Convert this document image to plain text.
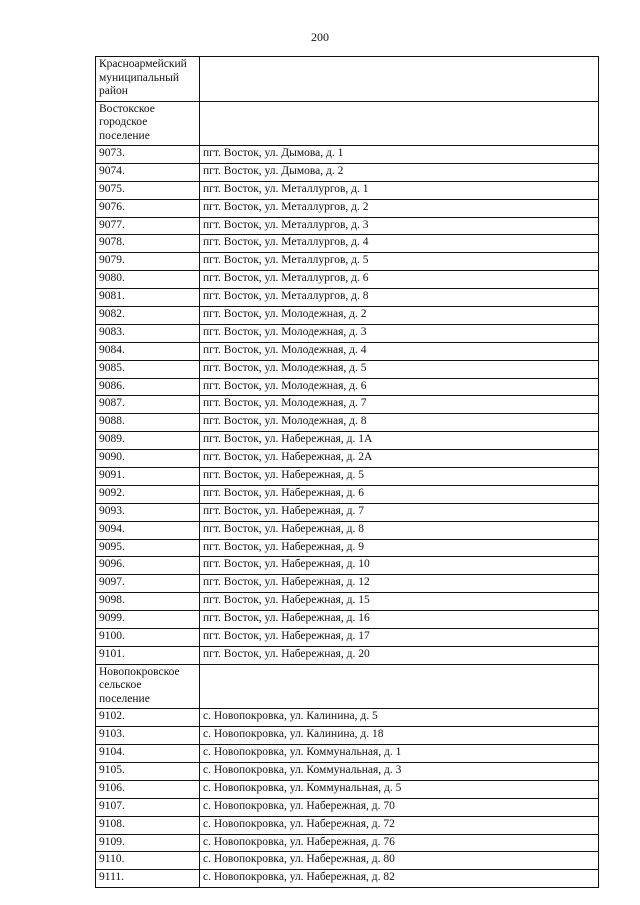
200
Красноармейский
муниципальный
район	

Востокское
городское
поселение	

9073.	пгт. Восток, ул. Дымова, д. 1
9074.	пгт. Восток, ул. Дымова, д. 2
9075.	пгт. Восток, ул. Металлургов, д. 1
9076.	пгт. Восток, ул. Металлургов, д. 2
9077.	пгт. Восток, ул. Металлургов, д. 3
9078.	пгт. Восток, ул. Металлургов, д. 4
9079.	пгт. Восток, ул. Металлургов, д. 5
9080.	пгт. Восток, ул. Металлургов, д. 6
9081.	пгт. Восток, ул. Металлургов, д. 8
9082.	пгт. Восток, ул. Молодежная, д. 2
9083.	пгт. Восток, ул. Молодежная, д. 3
9084.	пгт. Восток, ул. Молодежная, д. 4
9085.	пгт. Восток, ул. Молодежная, д. 5
9086.	пгт. Восток, ул. Молодежная, д. 6
9087.	пгт. Восток, ул. Молодежная, д. 7
9088.	пгт. Восток, ул. Молодежная, д. 8
9089.	пгт. Восток, ул. Набережная, д. 1А
9090.	пгт. Восток, ул. Набережная, д. 2А
9091.	пгт. Восток, ул. Набережная, д. 5
9092.	пгт. Восток, ул. Набережная, д. 6
9093.	пгт. Восток, ул. Набережная, д. 7
9094.	пгт. Восток, ул. Набережная, д. 8
9095.	пгт. Восток, ул. Набережная, д. 9
9096.	пгт. Восток, ул. Набережная, д. 10
9097.	пгт. Восток, ул. Набережная, д. 12
9098.	пгт. Восток, ул. Набережная, д. 15
9099.	пгт. Восток, ул. Набережная, д. 16
9100.	пгт. Восток, ул. Набережная, д. 17
9101.	пгт. Восток, ул. Набережная, д. 20

Новопокровское
сельское
поселение	

9102.	с. Новопокровка, ул. Калинина, д. 5
9103.	с. Новопокровка, ул. Калинина, д. 18
9104.	с. Новопокровка, ул. Коммунальная, д. 1
9105.	с. Новопокровка, ул. Коммунальная, д. 3
9106.	с. Новопокровка, ул. Коммунальная, д. 5
9107.	с. Новопокровка, ул. Набережная, д. 70
9108.	с. Новопокровка, ул. Набережная, д. 72
9109.	с. Новопокровка, ул. Набережная, д. 76
9110.	с. Новопокровка, ул. Набережная, д. 80
9111.	с. Новопокровка, ул. Набережная, д. 82
